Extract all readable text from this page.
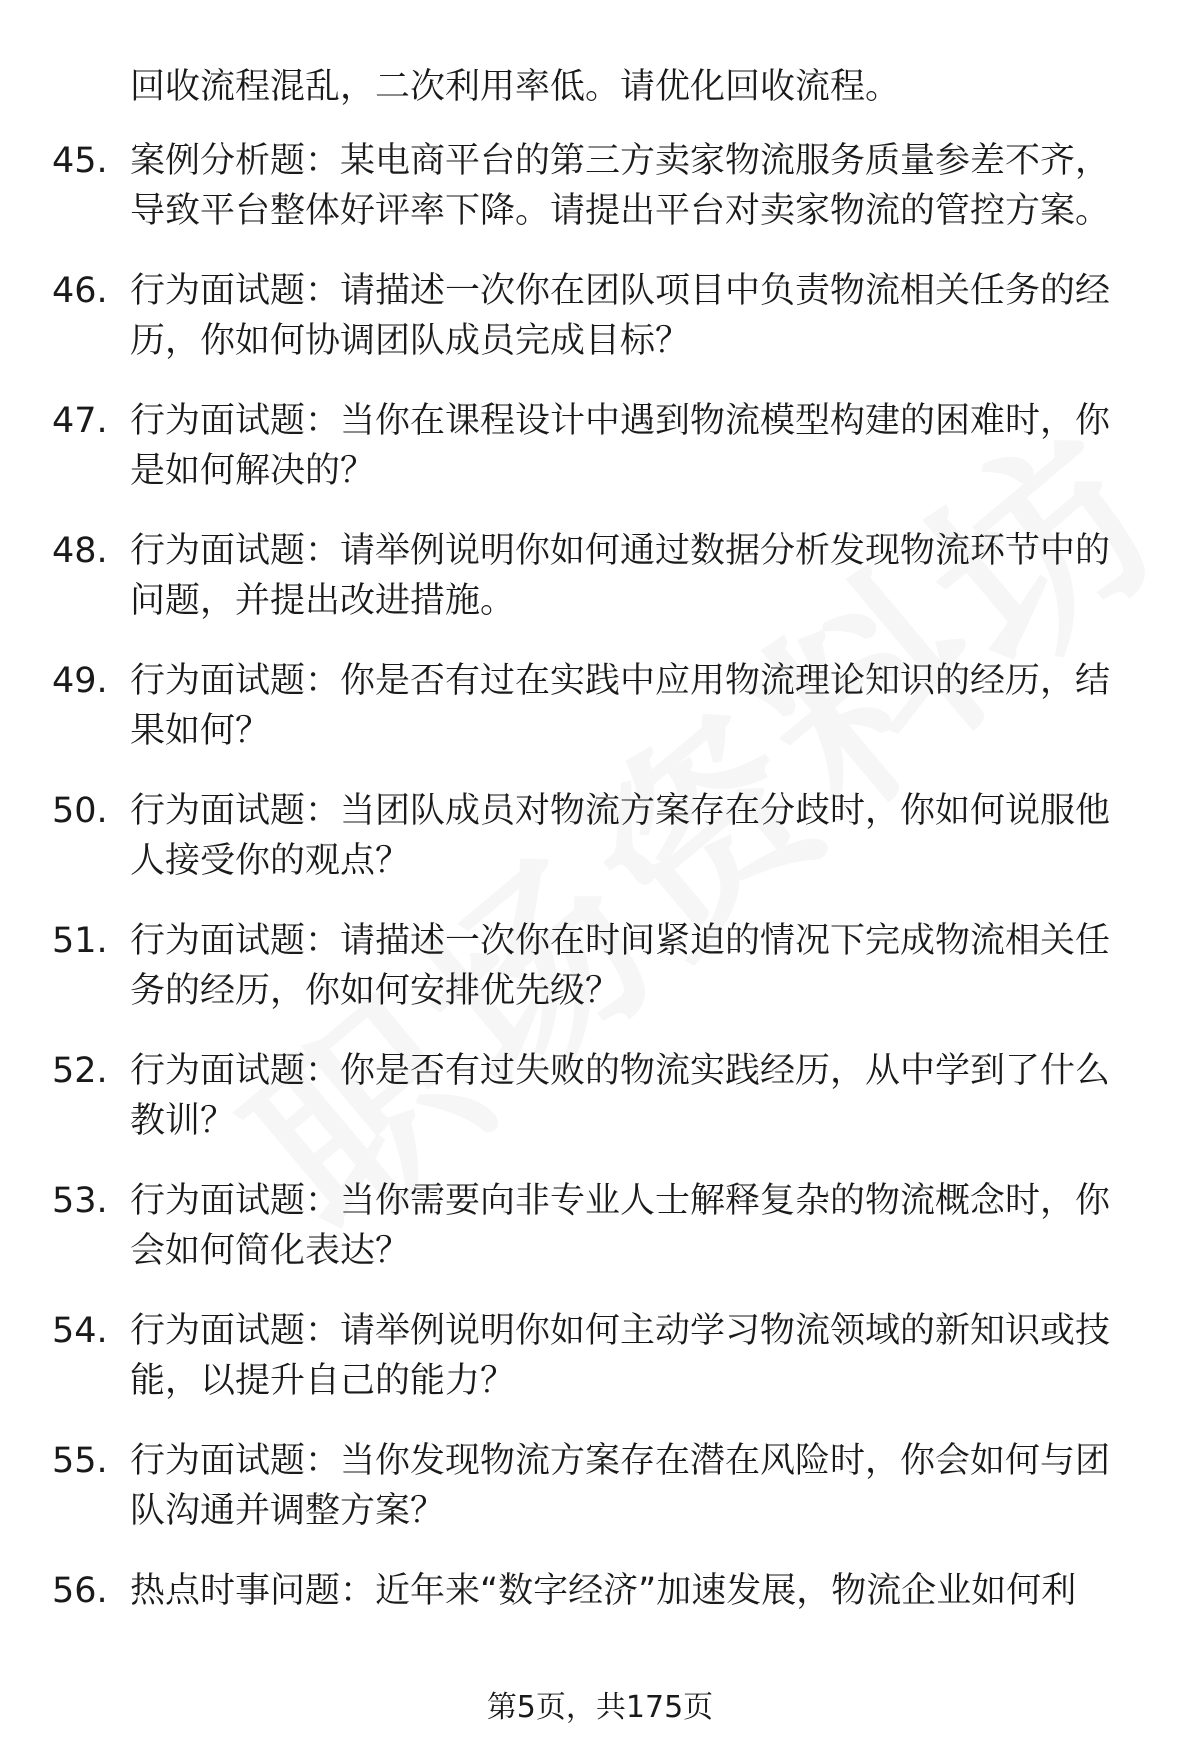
回收流程混乱，二次利用率低。请优化回收流程。
45. 案例分析题：某电商平台的第三方卖家物流服务质量参差不齐，
导致平台整体好评率下降。请提出平台对卖家物流的管控方案。
46. 行为面试题：请描述一次你在团队项目中负责物流相关任务的经
历，你如何协调团队成员完成目标？
47. 行为面试题：当你在课程设计中遇到物流模型构建的困难时，你
是如何解决的？
48. 行为面试题：请举例说明你如何通过数据分析发现物流环节中的
问题，并提出改进措施。
49. 行为面试题：你是否有过在实践中应用物流理论知识的经历，结
果如何？
50. 行为面试题：当团队成员对物流方案存在分歧时，你如何说服他
人接受你的观点？
51. 行为面试题：请描述一次你在时间紧迫的情况下完成物流相关任
务的经历，你如何安排优先级？
52. 行为面试题：你是否有过失败的物流实践经历，从中学到了什么
教训？
53. 行为面试题：当你需要向非专业人士解释复杂的物流概念时，你
会如何简化表达？
54. 行为面试题：请举例说明你如何主动学习物流领域的新知识或技
能，以提升自己的能力？
55. 行为面试题：当你发现物流方案存在潜在风险时，你会如何与团
队沟通并调整方案？
56. 热点时事问题：近年来“数字经济”加速发展，物流企业如何利
第5页，共175页
